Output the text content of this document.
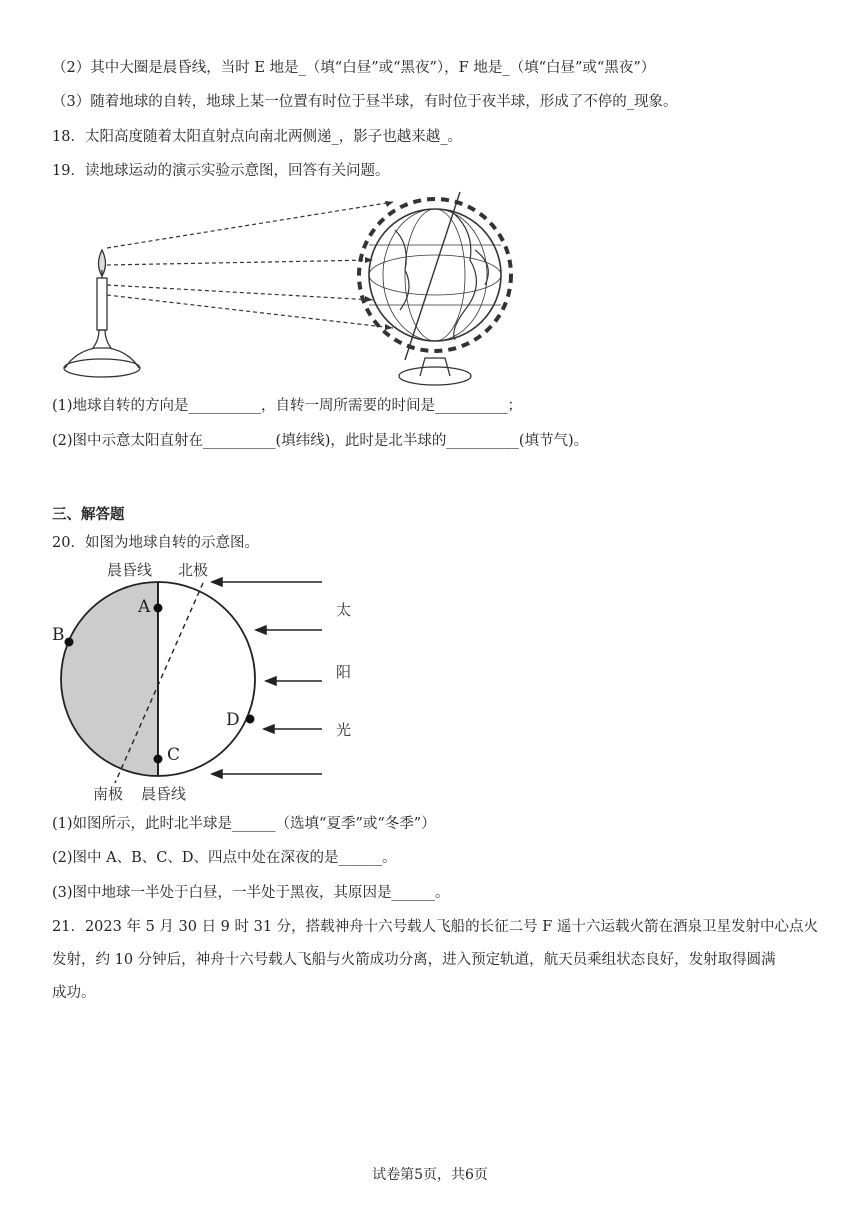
（2）其中大圈是晨昏线，当时 E 地是_（填“白昼”或“黑夜”），F 地是_（填“白昼”或“黑夜”）
（3）随着地球的自转，地球上某一位置有时位于昼半球，有时位于夜半球，形成了不停的_现象。
18．太阳高度随着太阳直射点向南北两侧递_，影子也越来越_。
19．读地球运动的演示实验示意图，回答有关问题。
(1)地球自转的方向是__________，自转一周所需要的时间是__________；
(2)图中示意太阳直射在__________(填纬线)，此时是北半球的__________(填节气)。
三、解答题
20．如图为地球自转的示意图。
晨昏线 北极
南极 晨昏线
A
B
C
D
太
阳
光
(1)如图所示，此时北半球是______（选填“夏季”或“冬季”）
(2)图中 A、B、C、D、四点中处在深夜的是______。
(3)图中地球一半处于白昼，一半处于黑夜，其原因是______。
21．2023 年 5 月 30 日 9 时 31 分，搭载神舟十六号载人飞船的长征二号 F 遥十六运载火箭在酒泉卫星发射中心点火
发射，约 10 分钟后，神舟十六号载人飞船与火箭成功分离，进入预定轨道，航天员乘组状态良好，发射取得圆满
成功。
试卷第5页，共6页
